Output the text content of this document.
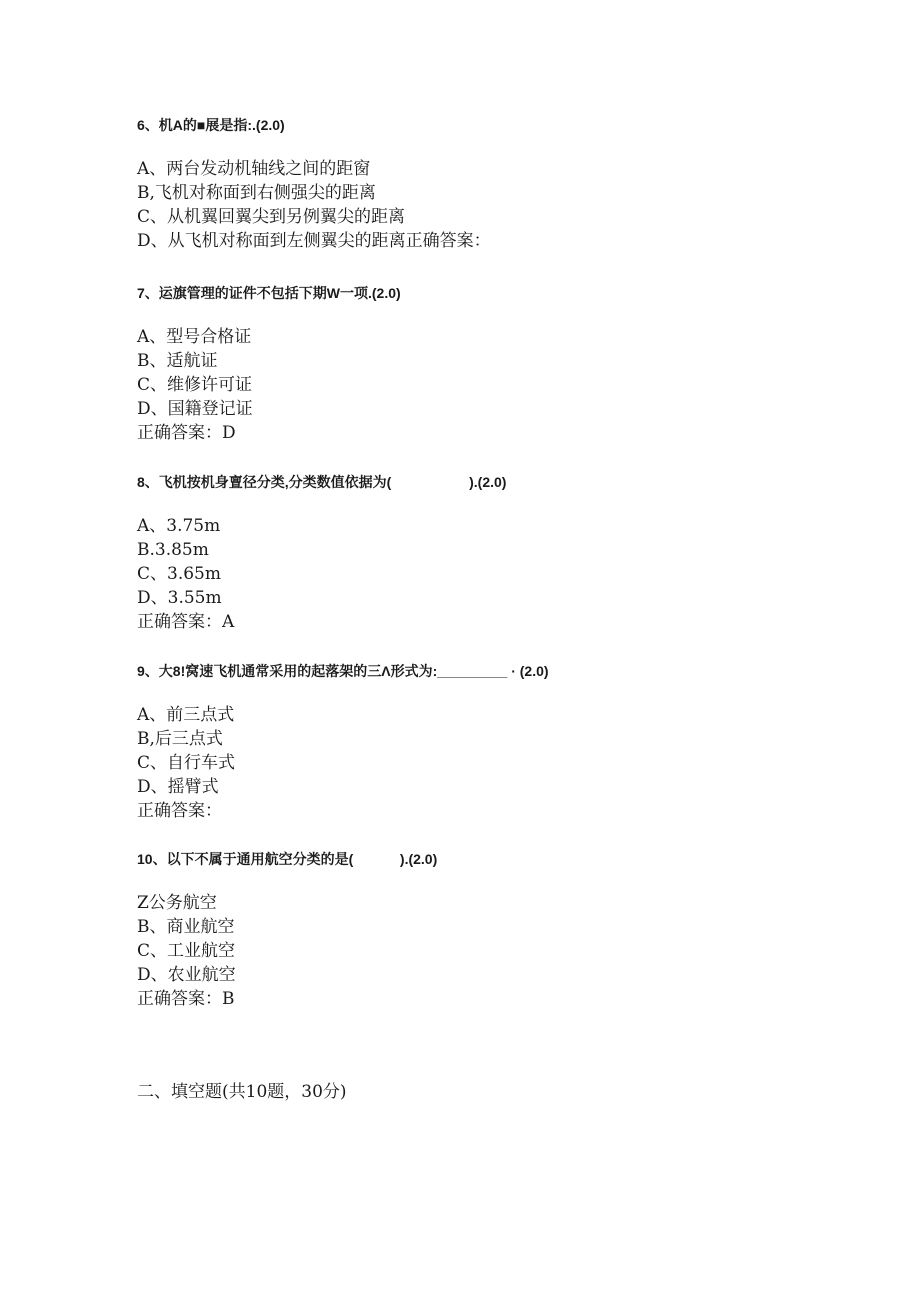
6、机A的■展是指:.(2.0)
A、两台发动机轴线之间的距窗
B,飞机对称面到右侧强尖的距离
C、从机翼回翼尖到另例翼尖的距离
D、从飞机对称面到左侧翼尖的距离正确答案：
7、运旗管理的证件不包括下期W一项.(2.0)
A、型号合格证
B、适航证
C、维修许可证
D、国籍登记证
正确答案：D
8、飞机按机身亶径分类,分类数值依据为(                    ).(2.0)
A、3.75m
B.3.85m
C、3.65m
D、3.55m
正确答案：A
9、大8!窝速飞机通常采用的起落架的三Λ形式为:_________ · (2.0)
A、前三点式
B,后三点式
C、自行车式
D、摇臂式
正确答案：
10、以下不属于通用航空分类的是(            ).(2.0)
Z公务航空
B、商业航空
C、工业航空
D、农业航空
正确答案：B
二、填空题(共10题，30分)
